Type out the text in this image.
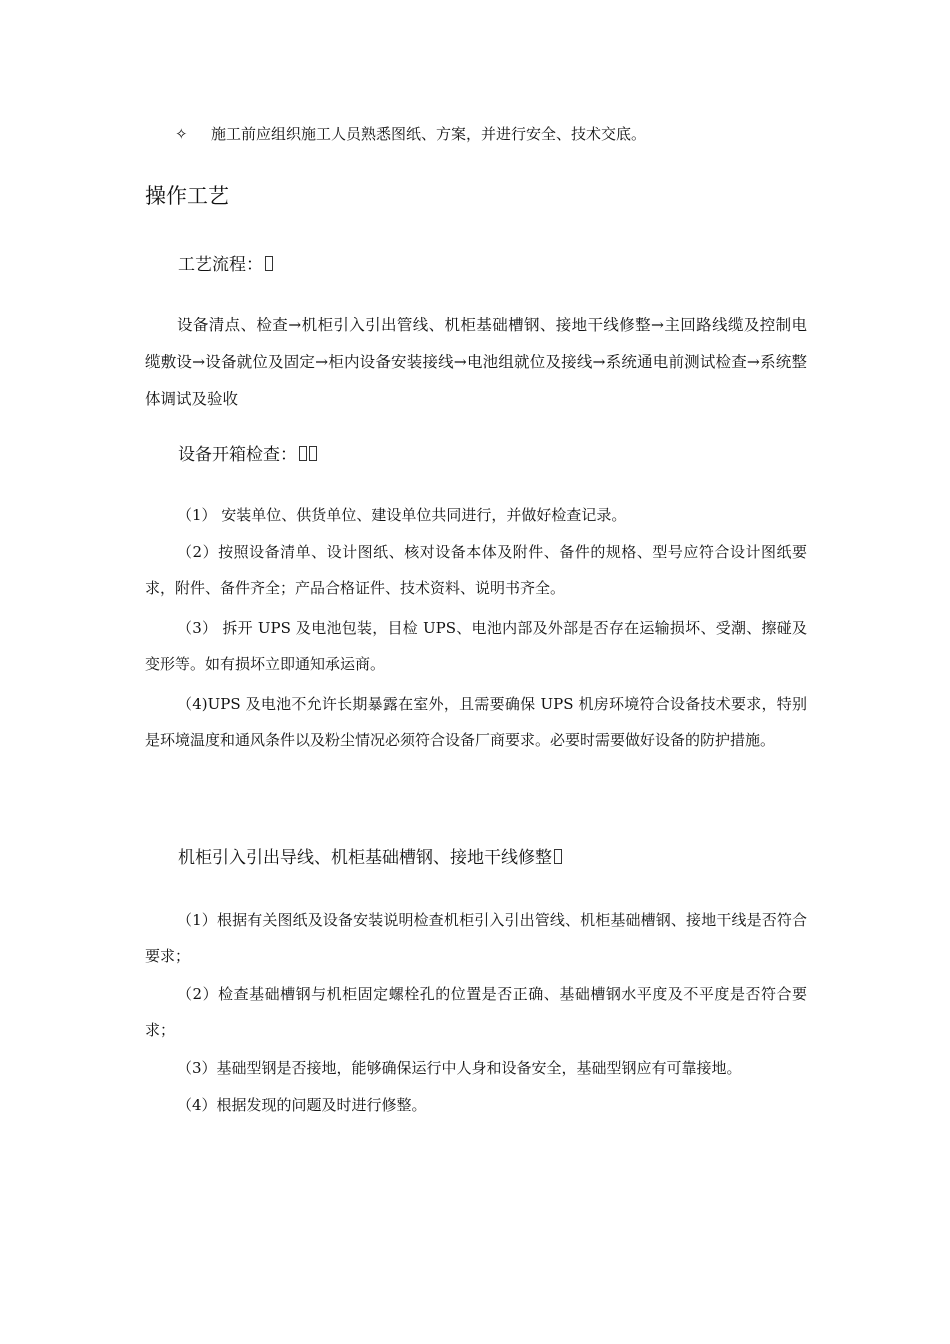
✧ 施工前应组织施工人员熟悉图纸、方案，并进行安全、技术交底。
操作工艺
工艺流程：
设备清点、检查→机柜引入引出管线、机柜基础槽钢、接地干线修整→主回路线缆及控制电缆敷设→设备就位及固定→柜内设备安装接线→电池组就位及接线→系统通电前测试检查→系统整体调试及验收
设备开箱检查：
（1） 安装单位、供货单位、建设单位共同进行，并做好检查记录。
（2）按照设备清单、设计图纸、核对设备本体及附件、备件的规格、型号应符合设计图纸要求，附件、备件齐全；产品合格证件、技术资料、说明书齐全。
（3） 拆开 UPS 及电池包装，目检 UPS、电池内部及外部是否存在运输损坏、受潮、擦碰及变形等。如有损坏立即通知承运商。
（4)UPS 及电池不允许长期暴露在室外，且需要确保 UPS 机房环境符合设备技术要求，特别是环境温度和通风条件以及粉尘情况必须符合设备厂商要求。必要时需要做好设备的防护措施。
机柜引入引出导线、机柜基础槽钢、接地干线修整
（1）根据有关图纸及设备安装说明检查机柜引入引出管线、机柜基础槽钢、接地干线是否符合要求；
（2）检查基础槽钢与机柜固定螺栓孔的位置是否正确、基础槽钢水平度及不平度是否符合要求；
（3）基础型钢是否接地，能够确保运行中人身和设备安全，基础型钢应有可靠接地。
（4）根据发现的问题及时进行修整。
